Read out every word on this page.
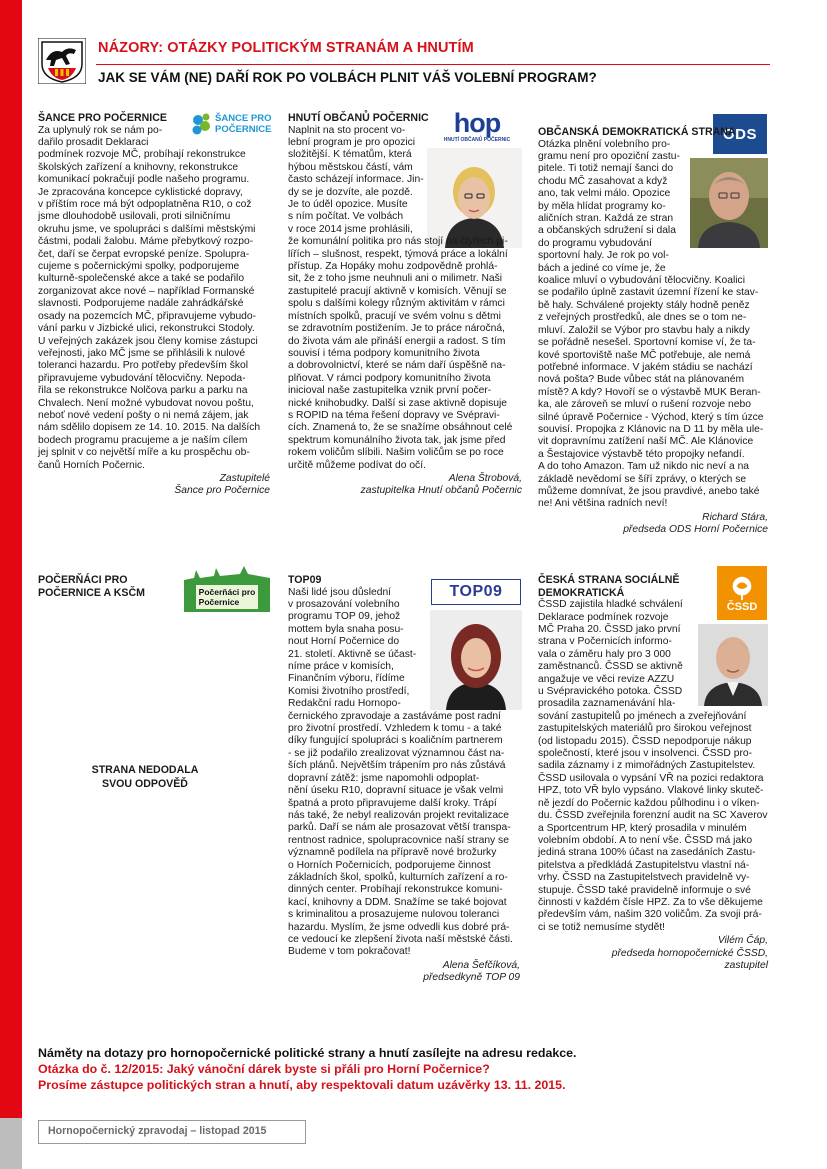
NÁZORY: OTÁZKY POLITICKÝM STRANÁM A HNUTÍM
JAK SE VÁM (NE) DAŘÍ ROK PO VOLBÁCH PLNIT VÁŠ VOLEBNÍ PROGRAM?
ŠANCE PRO
POČERNICE
ŠANCE PRO POČERNICE
Za uplynulý rok se nám po-
dařilo prosadit Deklaraci
podmínek rozvoje MČ, probíhají rekonstrukce
školských zařízení a knihovny, rekonstrukce
komunikací pokračují podle našeho programu.
Je zpracována koncepce cyklistické dopravy,
v příštím roce má být odpoplatněna R10, o což
jsme dlouhodobě usilovali, proti silničnímu
okruhu jsme, ve spolupráci s dalšími městskými
částmi, podali žalobu. Máme přebytkový rozpo-
čet, daří se čerpat evropské peníze. Spolupra-
cujeme s počernickými spolky, podporujeme
kulturně-společenské akce a také se podařilo
zorganizovat akce nové – například Formanské
slavnosti. Podporujeme nadále zahrádkářské
osady na pozemcích MČ, připravujeme vybudo-
vání parku v Jizbické ulici, rekonstrukci Stodoly.
U veřejných zakázek jsou členy komise zástupci
veřejnosti, jako MČ jsme se přihlásili k nulové
toleranci hazardu. Pro potřeby především škol
připravujeme vybudování tělocvičny. Nepoda-
řila se rekonstrukce Nolčova parku a parku na
Chvalech. Není možné vybudovat novou poštu,
neboť nové vedení pošty o ni nemá zájem, jak
nám sdělilo dopisem ze 14. 10. 2015. Na dalších
bodech programu pracujeme a je naším cílem
jej splnit v co největší míře a ku prospěchu ob-
čanů Horních Počernic.
Zastupitelé
Šance pro Počernice
hop
HNUTÍ OBČANŮ POČERNIC
HNUTÍ OBČANŮ POČERNIC
Naplnit na sto procent vo-
lební program je pro opozici
složitější. K tématům, která
hýbou městskou částí, vám
často scházejí informace. Jin-
dy se je dozvíte, ale pozdě.
Je to úděl opozice. Musíte
s ním počítat. Ve volbách
v roce 2014 jsme prohlásili,
že komunální politika pro nás stojí na čtyřech pi-
lířích – slušnost, respekt, týmová práce a lokální
přístup. Za Hopáky mohu zodpovědně prohlá-
sit, že z toho jsme neuhnuli ani o milimetr. Naši
zastupitelé pracují aktivně v komisích. Věnují se
spolu s dalšími kolegy různým aktivitám v rámci
místních spolků, pracují ve svém volnu s dětmi
se zdravotním postižením. Je to práce náročná,
do života vám ale přináší energii a radost. S tím
souvisí i téma podpory komunitního života
a dobrovolnictví, které se nám daří úspěšně na-
plňovat. V rámci podpory komunitního života
inicioval naše zastupitelka vznik první počer-
nické knihobudky. Další si zase aktivně dopisuje
s ROPID na téma řešení dopravy ve Svépravi-
cích. Znamená to, že se snažíme obsáhnout celé
spektrum komunálního života tak, jak jsme před
rokem voličům slíbili. Našim voličům se po roce
určitě můžeme podívat do očí.
Alena Štrobová,
zastupitelka Hnutí občanů Počernic
ODS
OBČANSKÁ DEMOKRATICKÁ STRANA
Otázka plnění volebního pro-
gramu není pro opoziční zastu-
pitele. Ti totiž nemají šanci do
chodu MČ zasahovat a když
ano, tak velmi málo. Opozice
by měla hlídat programy ko-
aličních stran. Každá ze stran
a občanských sdružení si dala
do programu vybudování
sportovní haly. Je rok po vol-
bách a jediné co víme je, že
koalice mluví o vybudování tělocvičny. Koalici
se podařilo úplně zastavit územní řízení ke stav-
bě haly. Schválené projekty stály hodně peněz
z veřejných prostředků, ale dnes se o tom ne-
mluví. Založil se Výbor pro stavbu haly a nikdy
se pořádně nesešel. Sportovní komise ví, že ta-
kové sportoviště naše MČ potřebuje, ale nemá
potřebné informace. V jakém stádiu se nachází
nová pošta? Bude vůbec stát na plánovaném
místě? A kdy? Hovoří se o výstavbě MUK Beran-
ka, ale zároveň se mluví o rušení rozvoje nebo
silné úpravě Počernice - Východ, který s tím úzce
souvisí. Propojka z Klánovic na D 11 by měla ule-
vit dopravnímu zatížení naší MČ. Ale Klánovice
a Šestajovice výstavbě této propojky nefandí.
A do toho Amazon. Tam už nikdo nic neví a na
základě nevědomí se šíří zprávy, o kterých se
můžeme domnívat, že jsou pravdivé, anebo také
ne! Ani většina radních neví!
Richard Stára,
předseda ODS Horní Počernice
Počerňáci pro
Počernice
POČERŇÁCI PRO POČERNICE A KSČM
STRANA NEDODALA
SVOU ODPOVĚĎ
TOP09
TOP09
Naši lidé jsou důslední
v prosazování volebního
programu TOP 09, jehož
mottem byla snaha posu-
nout Horní Počernice do
21. století. Aktivně se účast-
níme práce v komisích,
Finančním výboru, řídíme
Komisi životního prostředí,
Redakční radu Hornopo-
černického zpravodaje a zastáváme post radní
pro životní prostředí. Vzhledem k tomu - a také
díky fungující spolupráci s koaličním partnerem
- se již podařilo zrealizovat významnou část na-
ších plánů. Největším trápením pro nás zůstává
dopravní zátěž: jsme napomohli odpoplat-
nění úseku R10, dopravní situace je však velmi
špatná a proto připravujeme další kroky. Trápí
nás také, že nebyl realizován projekt revitalizace
parků. Daří se nám ale prosazovat větší transpa-
rentnost radnice, spolupracovnice naší strany se
významně podílela na přípravě nové brožurky
o Horních Počernicích, podporujeme činnost
základních škol, spolků, kulturních zařízení a ro-
dinných center. Probíhají rekonstrukce komuni-
kací, knihovny a DDM. Snažíme se také bojovat
s kriminalitou a prosazujeme nulovou toleranci
hazardu. Myslím, že jsme odvedli kus dobré prá-
ce vedoucí ke zlepšení života naší městské části.
Budeme v tom pokračovat!
Alena Šefčíková,
předsedkyně TOP 09
ČSSD
ČESKÁ STRANA SOCIÁLNĚ DEMOKRATICKÁ
ČSSD zajistila hladké schválení
Deklarace podmínek rozvoje
MČ Praha 20. ČSSD jako první
strana v Počernicích informo-
vala o záměru haly pro 3 000
zaměstnanců. ČSSD se aktivně
angažuje ve věci revize AZZU
u Svépravického potoka. ČSSD
prosadila zaznamenávání hla-
sování zastupitelů po jménech a zveřejňování
zastupitelských materiálů pro širokou veřejnost
(od listopadu 2015). ČSSD nepodporuje nákup
společností, které jsou v insolvenci. ČSSD pro-
sadila záznamy i z mimořádných Zastupitelstev.
ČSSD usilovala o vypsání VŘ na pozici redaktora
HPZ, toto VŘ bylo vypsáno. Vlakové linky skuteč-
ně jezdí do Počernic každou půlhodinu i o víken-
du. ČSSD zveřejnila forenzní audit na SC Xaverov
a Sportcentrum HP, který prosadila v minulém
volebním období. A to není vše. ČSSD má jako
jediná strana 100% účast na zasedáních Zastu-
pitelstva a předkládá Zastupitelstvu vlastní ná-
vrhy. ČSSD na Zastupitelstvech pravidelně vy-
stupuje. ČSSD také pravidelně informuje o své
činnosti v každém čísle HPZ. Za to vše děkujeme
především vám, našim 320 voličům. Za svoji prá-
ci se totiž nemusíme stydět!
Vilém Čáp,
předseda hornopočernické ČSSD,
zastupitel
Náměty na dotazy pro hornopočernické politické strany a hnutí zasílejte na adresu redakce.
Otázka do č. 12/2015: Jaký vánoční dárek byste si přáli pro Horní Počernice?
Prosíme zástupce politických stran a hnutí, aby respektovali datum uzávěrky 13. 11. 2015.
Hornopočernický zpravodaj – listopad 2015
